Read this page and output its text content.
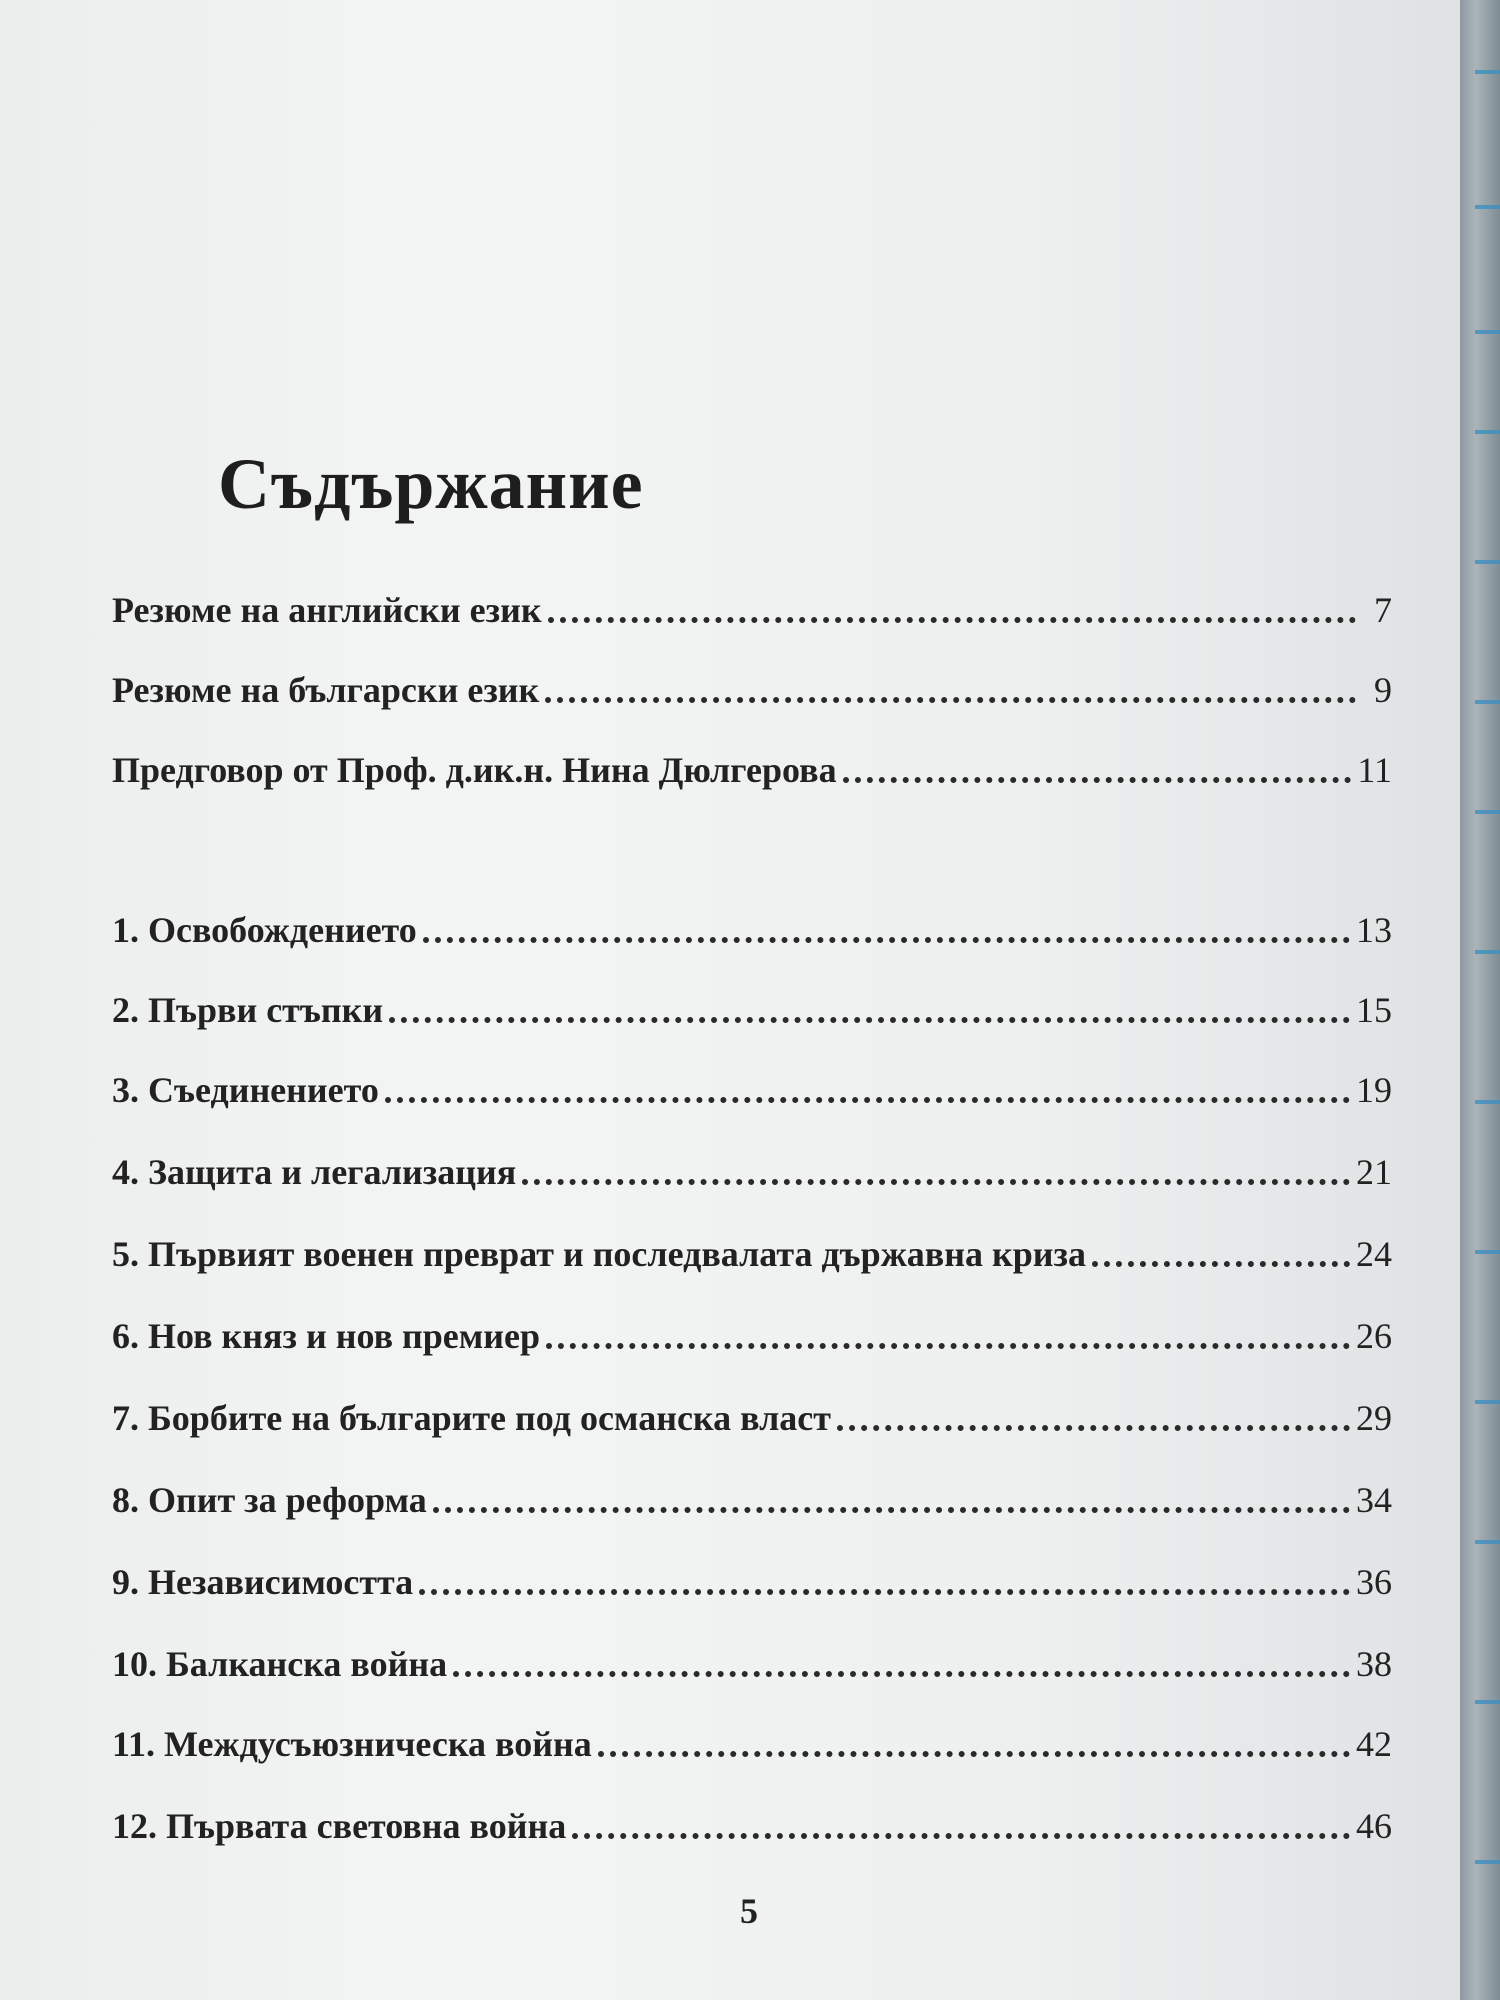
Съдържание
Резюме на английски език	7
Резюме на български език	9
Предговор от Проф. д.ик.н. Нина Дюлгерова	11
1. Освобождението	13
2. Първи стъпки	15
3. Съединението	19
4. Защита и легализация	21
5. Първият военен преврат и последвалата държавна криза	24
6. Нов княз и нов премиер	26
7. Борбите на българите под османска власт	29
8. Опит за реформа	34
9. Независимостта	36
10. Балканска война	38
11. Междусъюзническа война	42
12. Първата световна война	46
5
